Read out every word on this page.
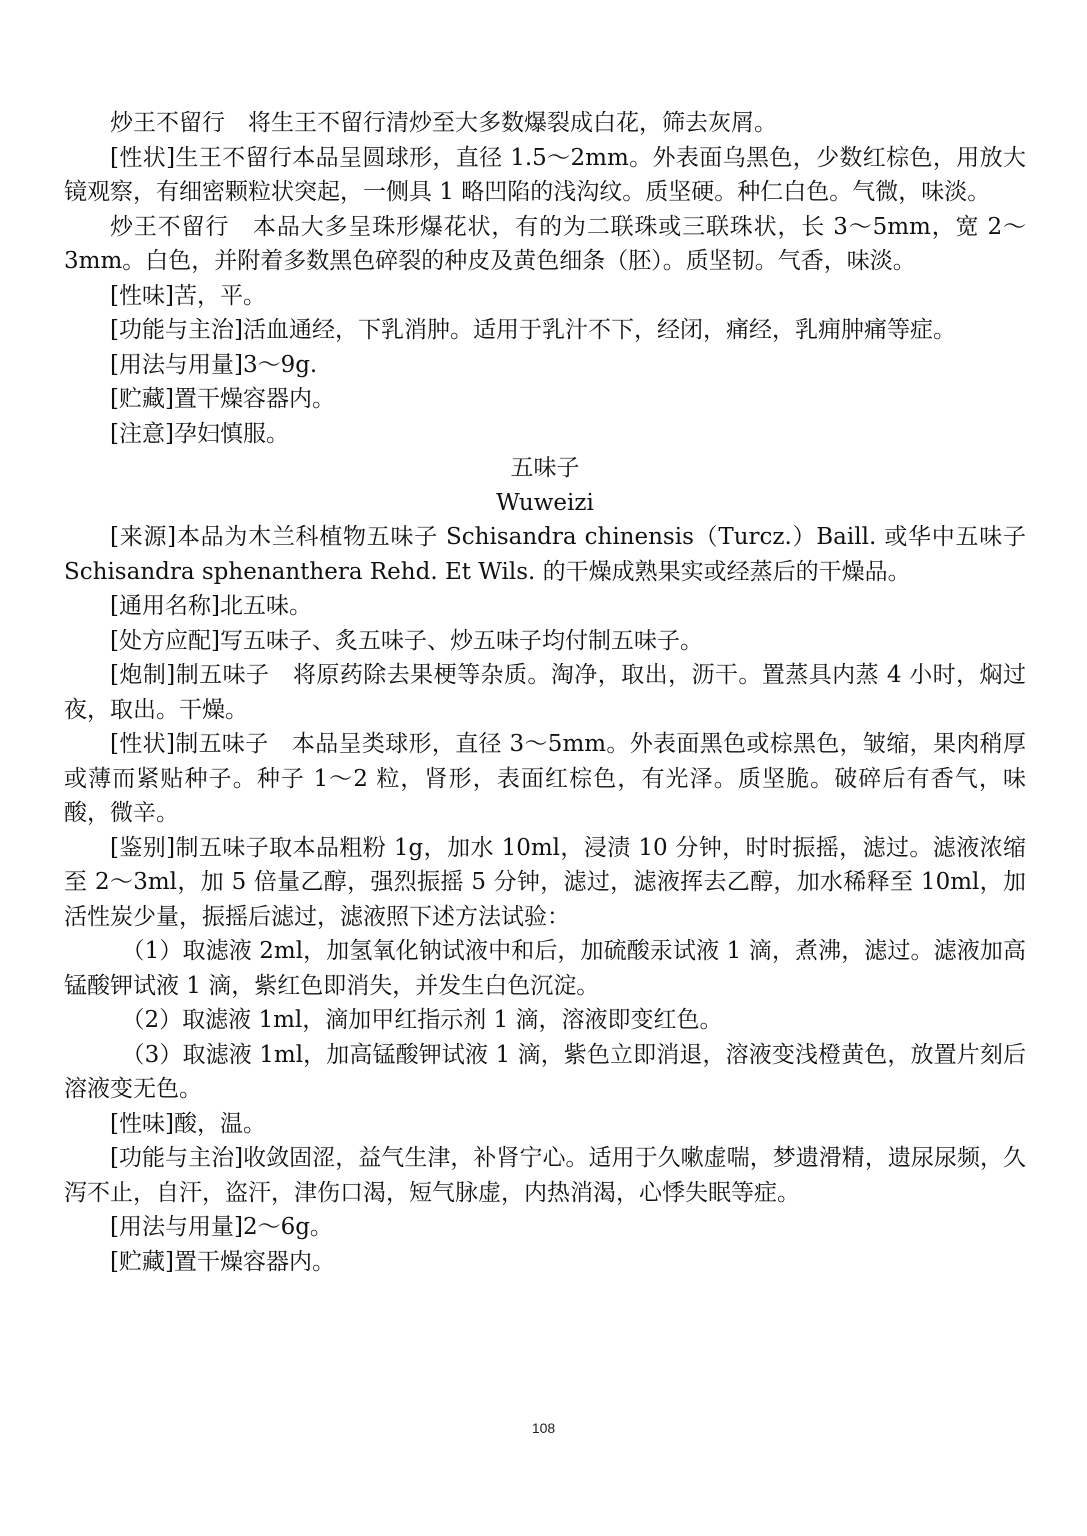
炒王不留行　将生王不留行清炒至大多数爆裂成白花，筛去灰屑。

[性状]生王不留行本品呈圆球形，直径 1.5～2mm。外表面乌黑色，少数红棕色，用放大镜观察，有细密颗粒状突起，一侧具 1 略凹陷的浅沟纹。质坚硬。种仁白色。气微，味淡。

炒王不留行　本品大多呈珠形爆花状，有的为二联珠或三联珠状，长 3～5mm，宽 2～3mm。白色，并附着多数黑色碎裂的种皮及黄色细条（胚）。质坚韧。气香，味淡。

[性味]苦，平。

[功能与主治]活血通经，下乳消肿。适用于乳汁不下，经闭，痛经，乳痈肿痛等症。

[用法与用量]3～9g.

[贮藏]置干燥容器内。

[注意]孕妇慎服。

五味子

Wuweizi

[来源]本品为木兰科植物五味子 Schisandra chinensis（Turcz.）Baill. 或华中五味子 Schisandra sphenanthera Rehd. Et Wils. 的干燥成熟果实或经蒸后的干燥品。

[通用名称]北五味。

[处方应配]写五味子、炙五味子、炒五味子均付制五味子。

[炮制]制五味子　将原药除去果梗等杂质。淘净，取出，沥干。置蒸具内蒸 4 小时，焖过夜，取出。干燥。

[性状]制五味子　本品呈类球形，直径 3～5mm。外表面黑色或棕黑色，皱缩，果肉稍厚或薄而紧贴种子。种子 1～2 粒，肾形，表面红棕色，有光泽。质坚脆。破碎后有香气，味酸，微辛。

[鉴别]制五味子取本品粗粉 1g，加水 10ml，浸渍 10 分钟，时时振摇，滤过。滤液浓缩至 2～3ml，加 5 倍量乙醇，强烈振摇 5 分钟，滤过，滤液挥去乙醇，加水稀释至 10ml，加活性炭少量，振摇后滤过，滤液照下述方法试验：

（1）取滤液 2ml，加氢氧化钠试液中和后，加硫酸汞试液 1 滴，煮沸，滤过。滤液加高锰酸钾试液 1 滴，紫红色即消失，并发生白色沉淀。

（2）取滤液 1ml，滴加甲红指示剂 1 滴，溶液即变红色。

（3）取滤液 1ml，加高锰酸钾试液 1 滴，紫色立即消退，溶液变浅橙黄色，放置片刻后溶液变无色。

[性味]酸，温。

[功能与主治]收敛固涩，益气生津，补肾宁心。适用于久嗽虚喘，梦遗滑精，遗尿尿频，久泻不止，自汗，盗汗，津伤口渴，短气脉虚，内热消渴，心悸失眠等症。

[用法与用量]2～6g。

[贮藏]置干燥容器内。

108
